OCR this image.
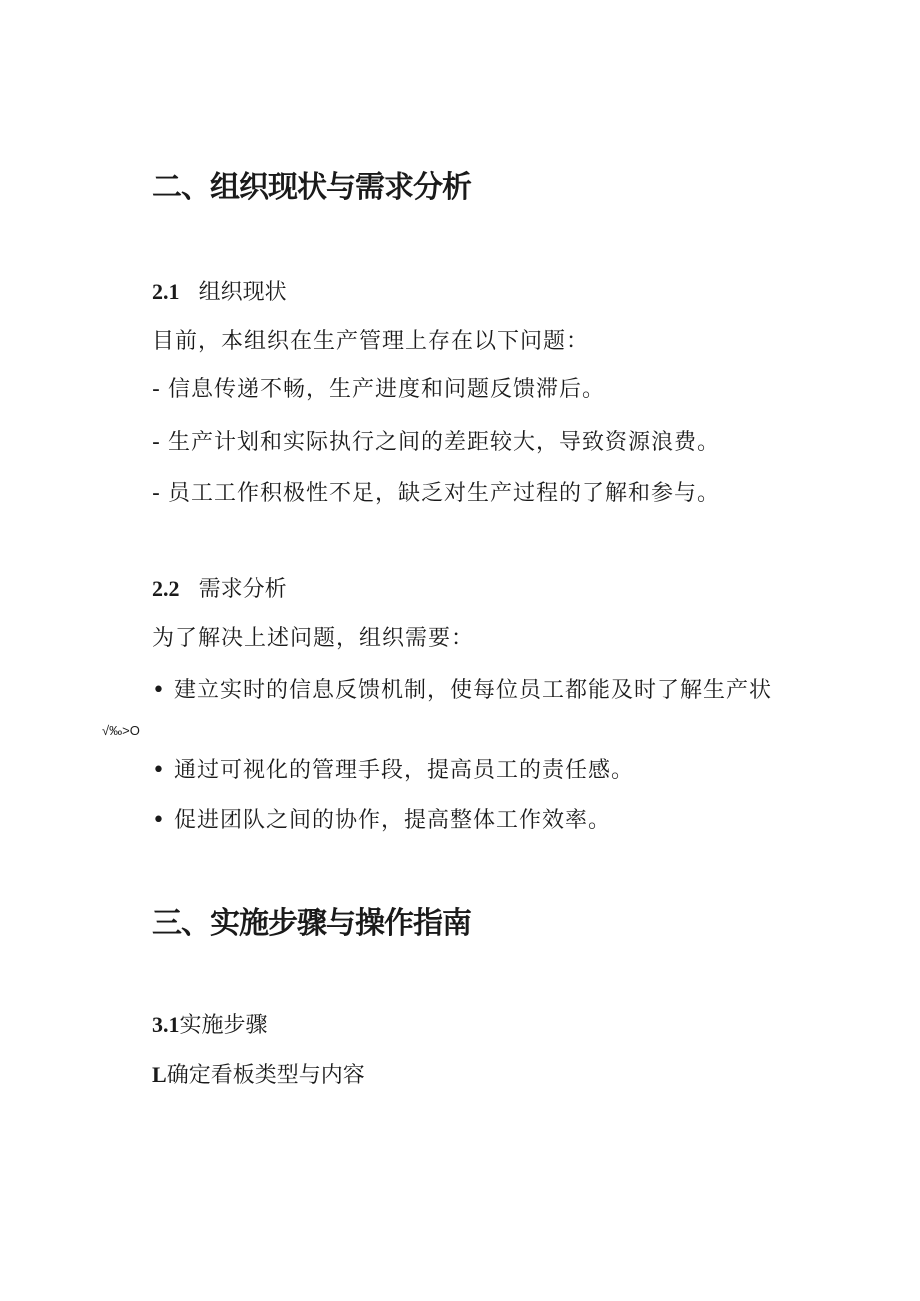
二、组织现状与需求分析
2.1 组织现状
目前，本组织在生产管理上存在以下问题：
- 信息传递不畅，生产进度和问题反馈滞后。
- 生产计划和实际执行之间的差距较大，导致资源浪费。
- 员工工作积极性不足，缺乏对生产过程的了解和参与。
2.2 需求分析
为了解决上述问题，组织需要：
• 建立实时的信息反馈机制，使每位员工都能及时了解生产状
√‰>O
• 通过可视化的管理手段，提高员工的责任感。
• 促进团队之间的协作，提高整体工作效率。
三、实施步骤与操作指南
3.1实施步骤
L确定看板类型与内容
